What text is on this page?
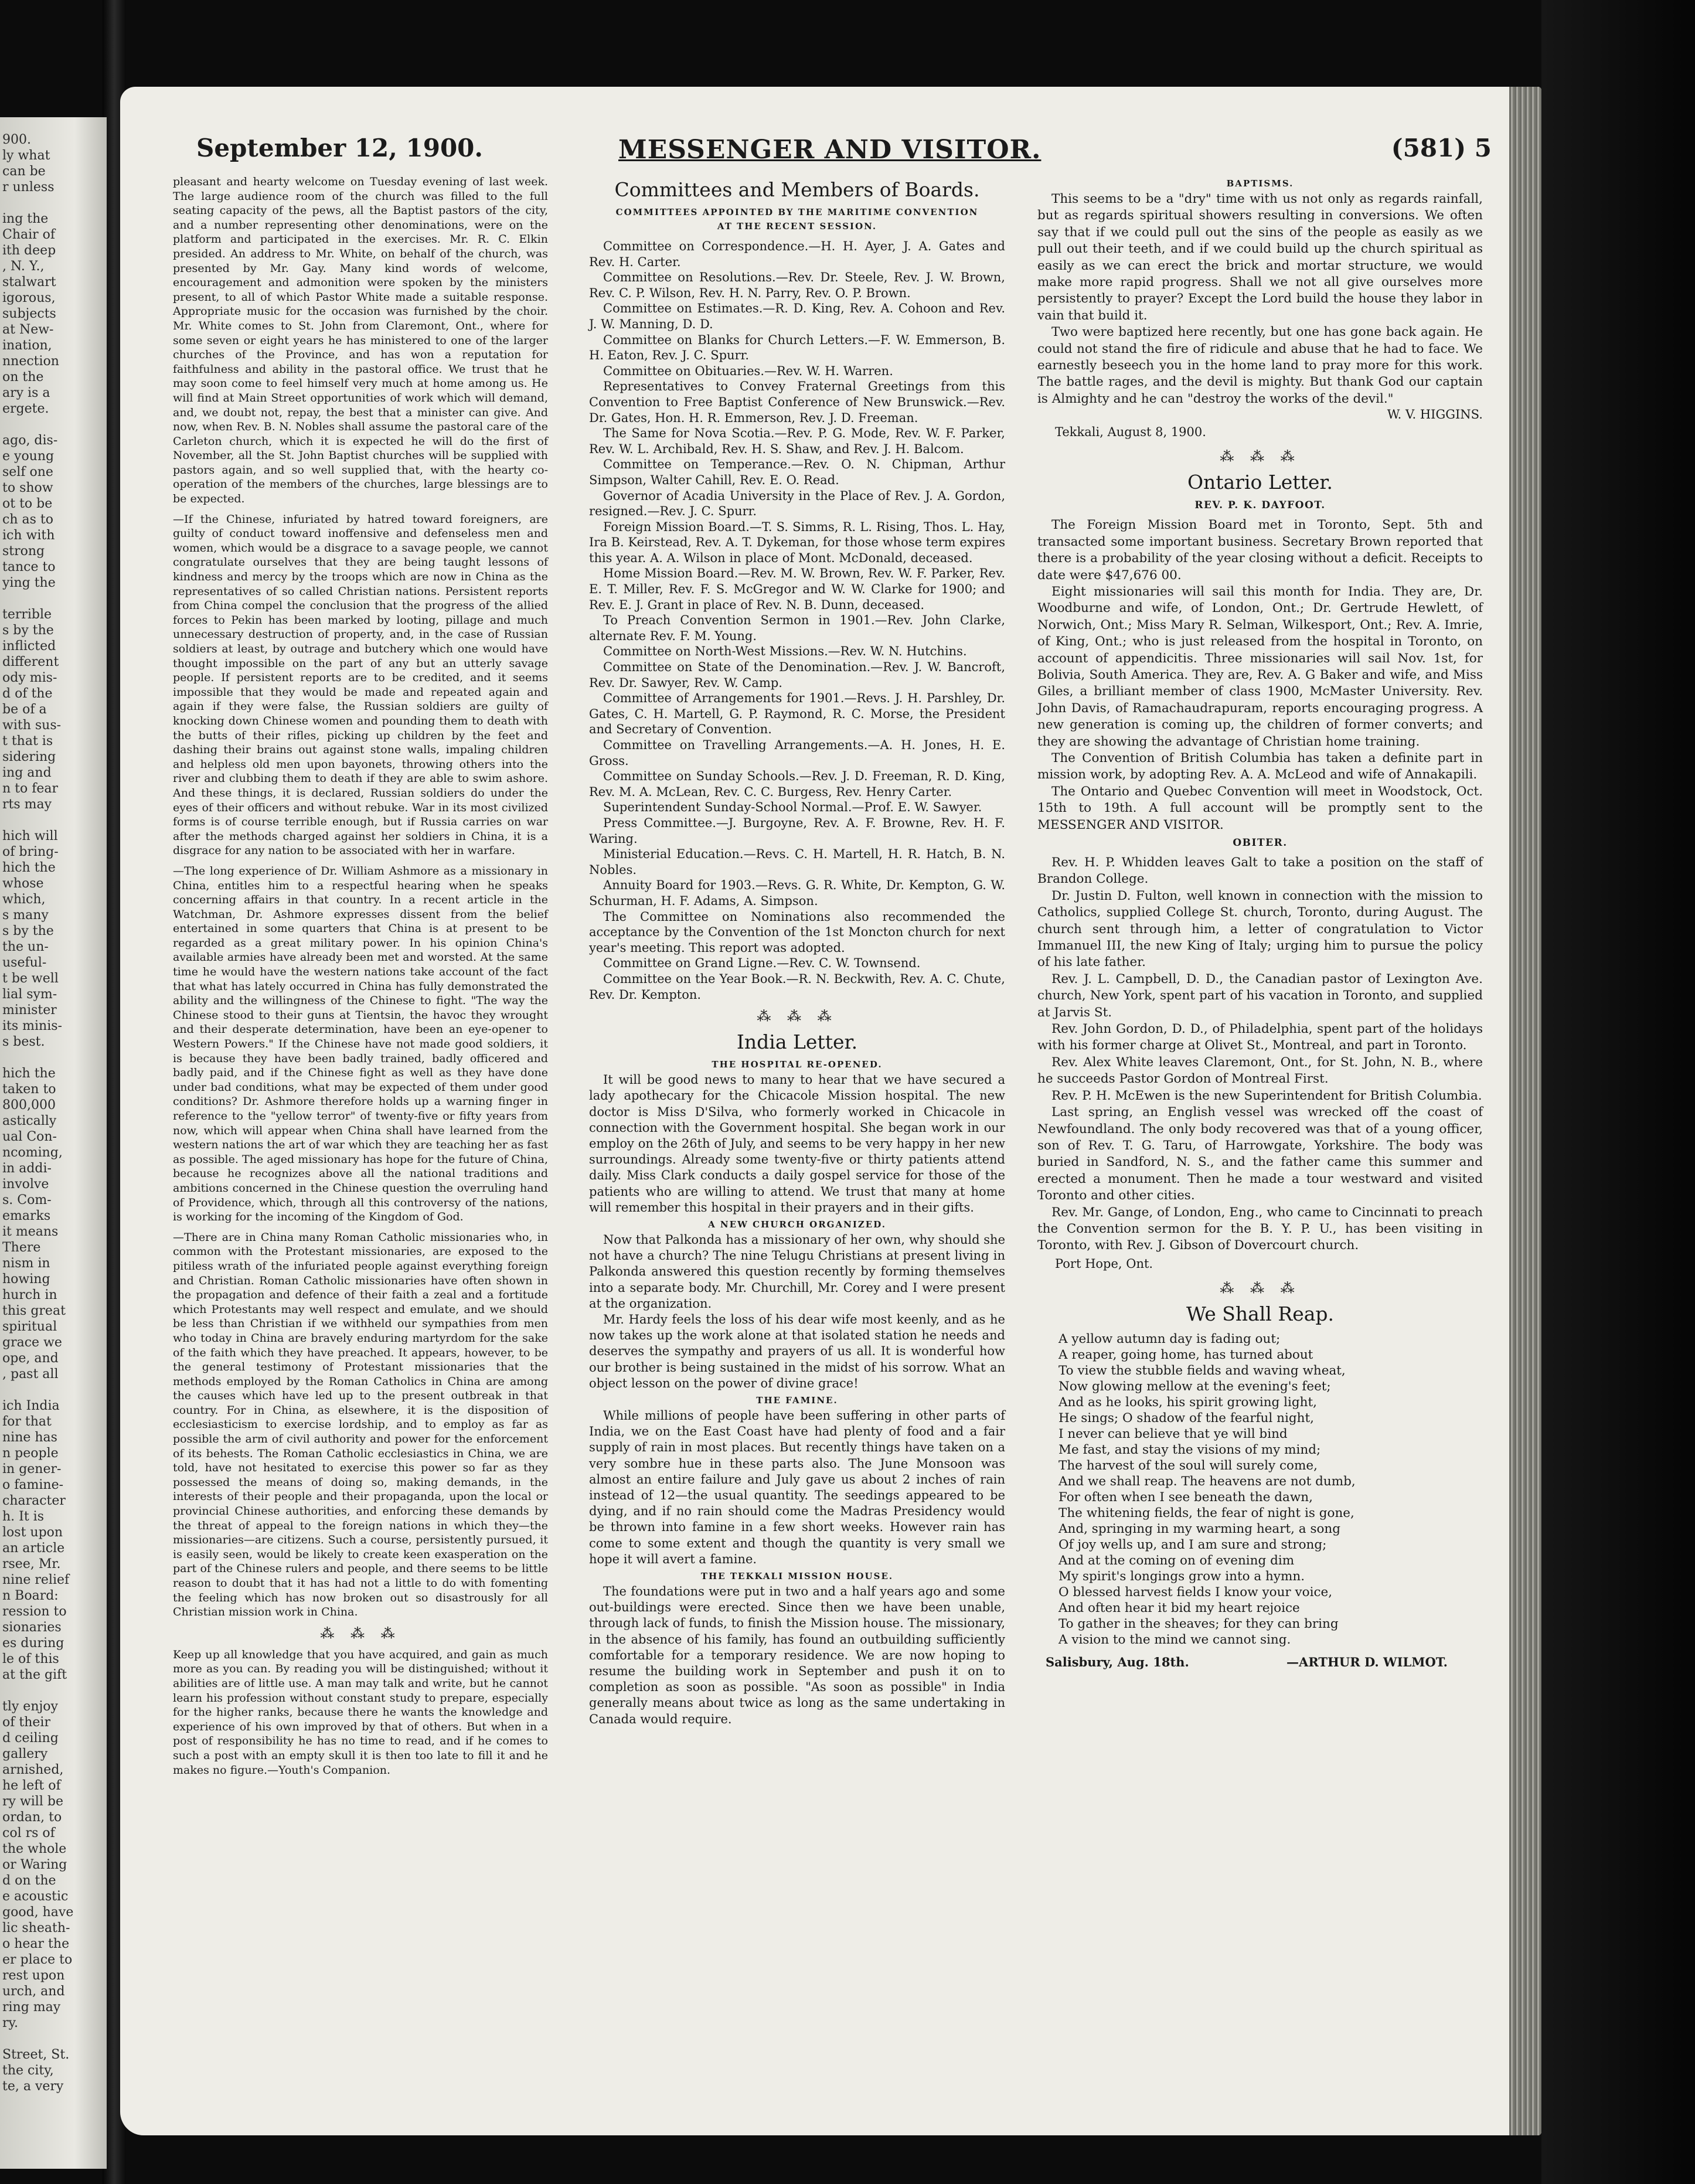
900.
ly what
can be
r unless
ing the
Chair of
ith deep
, N. Y.,
stalwart
igorous,
subjects
at New-
ination,
nnection
on the
ary is a
ergete.
ago, dis-
e young
self one
to show
ot to be
ch as to
ich with
strong
tance to
ying the
terrible
s by the
inflicted
different
ody mis-
d of the
be of a
with sus-
t that is
sidering
ing and
n to fear
rts may
hich will
of bring-
hich the
whose
which,
s many
s by the
the un-
useful-
t be well
lial sym-
minister
its minis-
s best.
hich the
taken to
800,000
astically
ual Con-
ncoming,
in addi-
involve
s. Com-
emarks
it means
There
nism in
howing
hurch in
this great
spiritual
grace we
ope, and
, past all
ich India
for that
nine has
n people
in gener-
o famine-
character
h. It is
lost upon
an article
rsee, Mr.
nine relief
n Board:
ression to
sionaries
es during
le of this
at the gift
tly enjoy
of their
d ceiling
gallery
arnished,
he left of
ry will be
ordan, to
col rs of
the whole
or Waring
d on the
e acoustic
good, have
lic sheath-
o hear the
er place to
rest upon
urch, and
ring may
ry.
Street, St.
the city,
te, a very
September 12, 1900.	MESSENGER AND VISITOR.	(581) 5

pleasant and hearty welcome on Tuesday evening of last week. The large audience room of the church was filled to the full seating capacity of the pews, all the Baptist pastors of the city, and a number representing other denominations, were on the platform and participated in the exercises. Mr. R. C. Elkin presided. An address to Mr. White, on behalf of the church, was presented by Mr. Gay. Many kind words of welcome, encouragement and admonition were spoken by the ministers present, to all of which Pastor White made a suitable response. Appropriate music for the occasion was furnished by the choir. Mr. White comes to St. John from Claremont, Ont., where for some seven or eight years he has ministered to one of the larger churches of the Province, and has won a reputation for faithfulness and ability in the pastoral office. We trust that he may soon come to feel himself very much at home among us. He will find at Main Street opportunities of work which will demand, and, we doubt not, repay, the best that a minister can give. And now, when Rev. B. N. Nobles shall assume the pastoral care of the Carleton church, which it is expected he will do the first of November, all the St. John Baptist churches will be supplied with pastors again, and so well supplied that, with the hearty co-operation of the members of the churches, large blessings are to be expected.

—If the Chinese, infuriated by hatred toward foreigners, are guilty of conduct toward inoffensive and defenseless men and women, which would be a disgrace to a savage people, we cannot congratulate ourselves that they are being taught lessons of kindness and mercy by the troops which are now in China as the representatives of so called Christian nations. Persistent reports from China compel the conclusion that the progress of the allied forces to Pekin has been marked by looting, pillage and much unnecessary destruction of property, and, in the case of Russian soldiers at least, by outrage and butchery which one would have thought impossible on the part of any but an utterly savage people. If persistent reports are to be credited, and it seems impossible that they would be made and repeated again and again if they were false, the Russian soldiers are guilty of knocking down Chinese women and pounding them to death with the butts of their rifles, picking up children by the feet and dashing their brains out against stone walls, impaling children and helpless old men upon bayonets, throwing others into the river and clubbing them to death if they are able to swim ashore. And these things, it is declared, Russian soldiers do under the eyes of their officers and without rebuke. War in its most civilized forms is of course terrible enough, but if Russia carries on war after the methods charged against her soldiers in China, it is a disgrace for any nation to be associated with her in warfare.

—The long experience of Dr. William Ashmore as a missionary in China, entitles him to a respectful hearing when he speaks concerning affairs in that country. In a recent article in the Watchman, Dr. Ashmore expresses dissent from the belief entertained in some quarters that China is at present to be regarded as a great military power. In his opinion China's available armies have already been met and worsted. At the same time he would have the western nations take account of the fact that what has lately occurred in China has fully demonstrated the ability and the willingness of the Chinese to fight. "The way the Chinese stood to their guns at Tientsin, the havoc they wrought and their desperate determination, have been an eye-opener to Western Powers." If the Chinese have not made good soldiers, it is because they have been badly trained, badly officered and badly paid, and if the Chinese fight as well as they have done under bad conditions, what may be expected of them under good conditions? Dr. Ashmore therefore holds up a warning finger in reference to the "yellow terror" of twenty-five or fifty years from now, which will appear when China shall have learned from the western nations the art of war which they are teaching her as fast as possible. The aged missionary has hope for the future of China, because he recognizes above all the national traditions and ambitions concerned in the Chinese question the overruling hand of Providence, which, through all this controversy of the nations, is working for the incoming of the Kingdom of God.

—There are in China many Roman Catholic missionaries who, in common with the Protestant missionaries, are exposed to the pitiless wrath of the infuriated people against everything foreign and Christian. Roman Catholic missionaries have often shown in the propagation and defence of their faith a zeal and a fortitude which Protestants may well respect and emulate, and we should be less than Christian if we withheld our sympathies from men who today in China are bravely enduring martyrdom for the sake of the faith which they have preached. It appears, however, to be the general testimony of Protestant missionaries that the methods employed by the Roman Catholics in China are among the causes which have led up to the present outbreak in that country. For in China, as elsewhere, it is the disposition of ecclesiasticism to exercise lordship, and to employ as far as possible the arm of civil authority and power for the enforcement of its behests. The Roman Catholic ecclesiastics in China, we are told, have not hesitated to exercise this power so far as they possessed the means of doing so, making demands, in the interests of their people and their propaganda, upon the local or provincial Chinese authorities, and enforcing these demands by the threat of appeal to the foreign nations in which they—the missionaries—are citizens. Such a course, persistently pursued, it is easily seen, would be likely to create keen exasperation on the part of the Chinese rulers and people, and there seems to be little reason to doubt that it has had not a little to do with fomenting the feeling which has now broken out so disastrously for all Christian mission work in China.

⁂ ⁂ ⁂

Keep up all knowledge that you have acquired, and gain as much more as you can. By reading you will be distinguished; without it abilities are of little use. A man may talk and write, but he cannot learn his profession without constant study to prepare, especially for the higher ranks, because there he wants the knowledge and experience of his own improved by that of others. But when in a post of responsibility he has no time to read, and if he comes to such a post with an empty skull it is then too late to fill it and he makes no figure.—Youth's Companion.

Committees and Members of Boards.
COMMITTEES APPOINTED BY THE MARITIME CONVENTION
AT THE RECENT SESSION.

Committee on Correspondence.—H. H. Ayer, J. A. Gates and Rev. H. Carter.

Committee on Resolutions.—Rev. Dr. Steele, Rev. J. W. Brown, Rev. C. P. Wilson, Rev. H. N. Parry, Rev. O. P. Brown.

Committee on Estimates.—R. D. King, Rev. A. Cohoon and Rev. J. W. Manning, D. D.

Committee on Blanks for Church Letters.—F. W. Emmerson, B. H. Eaton, Rev. J. C. Spurr.

Committee on Obituaries.—Rev. W. H. Warren.

Representatives to Convey Fraternal Greetings from this Convention to Free Baptist Conference of New Brunswick.—Rev. Dr. Gates, Hon. H. R. Emmerson, Rev. J. D. Freeman.

The Same for Nova Scotia.—Rev. P. G. Mode, Rev. W. F. Parker, Rev. W. L. Archibald, Rev. H. S. Shaw, and Rev. J. H. Balcom.

Committee on Temperance.—Rev. O. N. Chipman, Arthur Simpson, Walter Cahill, Rev. E. O. Read.

Governor of Acadia University in the Place of Rev. J. A. Gordon, resigned.—Rev. J. C. Spurr.

Foreign Mission Board.—T. S. Simms, R. L. Rising, Thos. L. Hay, Ira B. Keirstead, Rev. A. T. Dykeman, for those whose term expires this year. A. A. Wilson in place of Mont. McDonald, deceased.

Home Mission Board.—Rev. M. W. Brown, Rev. W. F. Parker, Rev. E. T. Miller, Rev. F. S. McGregor and W. W. Clarke for 1900; and Rev. E. J. Grant in place of Rev. N. B. Dunn, deceased.

To Preach Convention Sermon in 1901.—Rev. John Clarke, alternate Rev. F. M. Young.

Committee on North-West Missions.—Rev. W. N. Hutchins.

Committee on State of the Denomination.—Rev. J. W. Bancroft, Rev. Dr. Sawyer, Rev. W. Camp.

Committee of Arrangements for 1901.—Revs. J. H. Parshley, Dr. Gates, C. H. Martell, G. P. Raymond, R. C. Morse, the President and Secretary of Convention.

Committee on Travelling Arrangements.—A. H. Jones, H. E. Gross.

Committee on Sunday Schools.—Rev. J. D. Freeman, R. D. King, Rev. M. A. McLean, Rev. C. C. Burgess, Rev. Henry Carter.

Superintendent Sunday-School Normal.—Prof. E. W. Sawyer.

Press Committee.—J. Burgoyne, Rev. A. F. Browne, Rev. H. F. Waring.

Ministerial Education.—Revs. C. H. Martell, H. R. Hatch, B. N. Nobles.

Annuity Board for 1903.—Revs. G. R. White, Dr. Kempton, G. W. Schurman, H. F. Adams, A. Simpson.

The Committee on Nominations also recommended the acceptance by the Convention of the 1st Moncton church for next year's meeting. This report was adopted.

Committee on Grand Ligne.—Rev. C. W. Townsend.

Committee on the Year Book.—R. N. Beckwith, Rev. A. C. Chute, Rev. Dr. Kempton.

⁂ ⁂ ⁂
India Letter.
THE HOSPITAL RE-OPENED.

It will be good news to many to hear that we have secured a lady apothecary for the Chicacole Mission hospital. The new doctor is Miss D'Silva, who formerly worked in Chicacole in connection with the Government hospital. She began work in our employ on the 26th of July, and seems to be very happy in her new surroundings. Already some twenty-five or thirty patients attend daily. Miss Clark conducts a daily gospel service for those of the patients who are willing to attend. We trust that many at home will remember this hospital in their prayers and in their gifts.

A NEW CHURCH ORGANIZED.

Now that Palkonda has a missionary of her own, why should she not have a church? The nine Telugu Christians at present living in Palkonda answered this question recently by forming themselves into a separate body. Mr. Churchill, Mr. Corey and I were present at the organization.

Mr. Hardy feels the loss of his dear wife most keenly, and as he now takes up the work alone at that isolated station he needs and deserves the sympathy and prayers of us all. It is wonderful how our brother is being sustained in the midst of his sorrow. What an object lesson on the power of divine grace!

THE FAMINE.

While millions of people have been suffering in other parts of India, we on the East Coast have had plenty of food and a fair supply of rain in most places. But recently things have taken on a very sombre hue in these parts also. The June Monsoon was almost an entire failure and July gave us about 2 inches of rain instead of 12—the usual quantity. The seedings appeared to be dying, and if no rain should come the Madras Presidency would be thrown into famine in a few short weeks. However rain has come to some extent and though the quantity is very small we hope it will avert a famine.

THE TEKKALI MISSION HOUSE.

The foundations were put in two and a half years ago and some out-buildings were erected. Since then we have been unable, through lack of funds, to finish the Mission house. The missionary, in the absence of his family, has found an outbuilding sufficiently comfortable for a temporary residence. We are now hoping to resume the building work in September and push it on to completion as soon as possible. "As soon as possible" in India generally means about twice as long as the same undertaking in Canada would require.

BAPTISMS.

This seems to be a "dry" time with us not only as regards rainfall, but as regards spiritual showers resulting in conversions. We often say that if we could pull out the sins of the people as easily as we pull out their teeth, and if we could build up the church spiritual as easily as we can erect the brick and mortar structure, we would make more rapid progress. Shall we not all give ourselves more persistently to prayer? Except the Lord build the house they labor in vain that build it.

Two were baptized here recently, but one has gone back again. He could not stand the fire of ridicule and abuse that he had to face. We earnestly beseech you in the home land to pray more for this work. The battle rages, and the devil is mighty. But thank God our captain is Almighty and he can "destroy the works of the devil."

W. V. HIGGINS.
Tekkali, August 8, 1900.
⁂ ⁂ ⁂
Ontario Letter.
REV. P. K. DAYFOOT.

The Foreign Mission Board met in Toronto, Sept. 5th and transacted some important business. Secretary Brown reported that there is a probability of the year closing without a deficit. Receipts to date were $47,676 00.

Eight missionaries will sail this month for India. They are, Dr. Woodburne and wife, of London, Ont.; Dr. Gertrude Hewlett, of Norwich, Ont.; Miss Mary R. Selman, Wilkesport, Ont.; Rev. A. Imrie, of King, Ont.; who is just released from the hospital in Toronto, on account of appendicitis. Three missionaries will sail Nov. 1st, for Bolivia, South America. They are, Rev. A. G Baker and wife, and Miss Giles, a brilliant member of class 1900, McMaster University. Rev. John Davis, of Ramachaudrapuram, reports encouraging progress. A new generation is coming up, the children of former converts; and they are showing the advantage of Christian home training.

The Convention of British Columbia has taken a definite part in mission work, by adopting Rev. A. A. McLeod and wife of Annakapili.

The Ontario and Quebec Convention will meet in Woodstock, Oct. 15th to 19th. A full account will be promptly sent to the MESSENGER AND VISITOR.

OBITER.

Rev. H. P. Whidden leaves Galt to take a position on the staff of Brandon College.

Dr. Justin D. Fulton, well known in connection with the mission to Catholics, supplied College St. church, Toronto, during August. The church sent through him, a letter of congratulation to Victor Immanuel III, the new King of Italy; urging him to pursue the policy of his late father.

Rev. J. L. Campbell, D. D., the Canadian pastor of Lexington Ave. church, New York, spent part of his vacation in Toronto, and supplied at Jarvis St.

Rev. John Gordon, D. D., of Philadelphia, spent part of the holidays with his former charge at Olivet St., Montreal, and part in Toronto.

Rev. Alex White leaves Claremont, Ont., for St. John, N. B., where he succeeds Pastor Gordon of Montreal First.

Rev. P. H. McEwen is the new Superintendent for British Columbia.

Last spring, an English vessel was wrecked off the coast of Newfoundland. The only body recovered was that of a young officer, son of Rev. T. G. Taru, of Harrowgate, Yorkshire. The body was buried in Sandford, N. S., and the father came this summer and erected a monument. Then he made a tour westward and visited Toronto and other cities.

Rev. Mr. Gange, of London, Eng., who came to Cincinnati to preach the Convention sermon for the B. Y. P. U., has been visiting in Toronto, with Rev. J. Gibson of Dovercourt church.

Port Hope, Ont.
⁂ ⁂ ⁂
We Shall Reap.
A yellow autumn day is fading out;
A reaper, going home, has turned about
To view the stubble fields and waving wheat,
Now glowing mellow at the evening's feet;
And as he looks, his spirit growing light,
He sings; O shadow of the fearful night,
I never can believe that ye will bind
Me fast, and stay the visions of my mind;
The harvest of the soul will surely come,
And we shall reap. The heavens are not dumb,
For often when I see beneath the dawn,
The whitening fields, the fear of night is gone,
And, springing in my warming heart, a song
Of joy wells up, and I am sure and strong;
And at the coming on of evening dim
My spirit's longings grow into a hymn.
O blessed harvest fields I know your voice,
And often hear it bid my heart rejoice
To gather in the sheaves; for they can bring
A vision to the mind we cannot sing.
Salisbury, Aug. 18th.	—ARTHUR D. WILMOT.
